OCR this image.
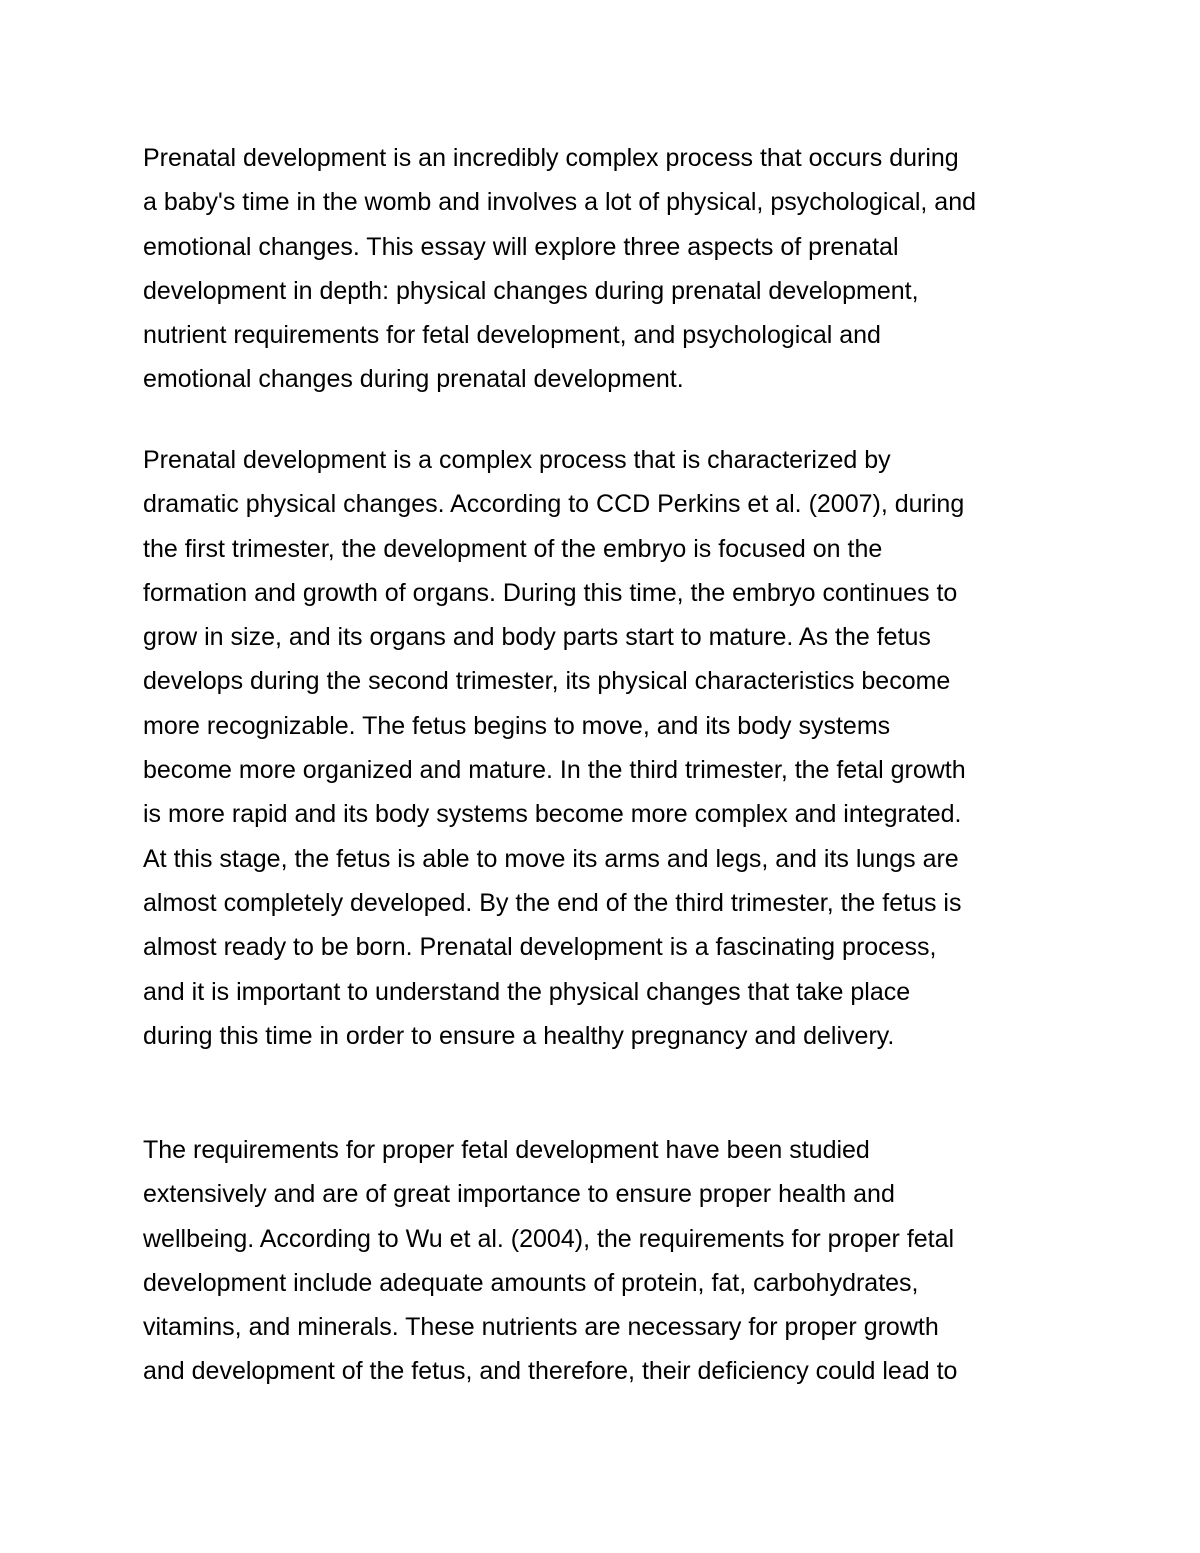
Prenatal development is an incredibly complex process that occurs during
a baby's time in the womb and involves a lot of physical, psychological, and
emotional changes. This essay will explore three aspects of prenatal
development in depth: physical changes during prenatal development,
nutrient requirements for fetal development, and psychological and
emotional changes during prenatal development.

Prenatal development is a complex process that is characterized by
dramatic physical changes. According to CCD Perkins et al. (2007), during
the first trimester, the development of the embryo is focused on the
formation and growth of organs. During this time, the embryo continues to
grow in size, and its organs and body parts start to mature. As the fetus
develops during the second trimester, its physical characteristics become
more recognizable. The fetus begins to move, and its body systems
become more organized and mature. In the third trimester, the fetal growth
is more rapid and its body systems become more complex and integrated.
At this stage, the fetus is able to move its arms and legs, and its lungs are
almost completely developed. By the end of the third trimester, the fetus is
almost ready to be born. Prenatal development is a fascinating process,
and it is important to understand the physical changes that take place
during this time in order to ensure a healthy pregnancy and delivery.

The requirements for proper fetal development have been studied
extensively and are of great importance to ensure proper health and
wellbeing. According to Wu et al. (2004), the requirements for proper fetal
development include adequate amounts of protein, fat, carbohydrates,
vitamins, and minerals. These nutrients are necessary for proper growth
and development of the fetus, and therefore, their deficiency could lead to
